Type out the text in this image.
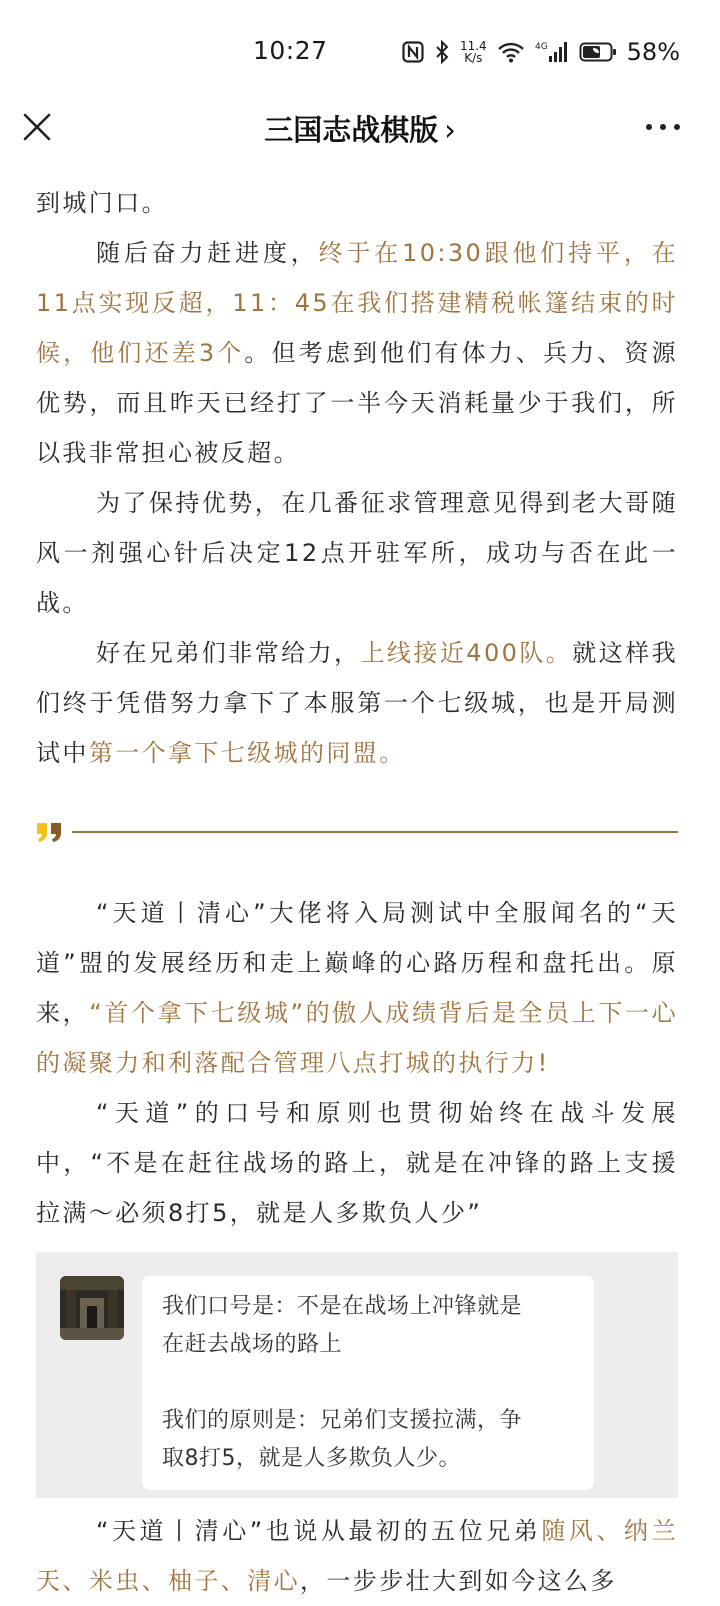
10:27	11.4
K/s
4G	58%
三国志战棋版 ›

到城门口。

随后奋力赶进度，终于在10:30跟他们持平，在11点实现反超，11：45在我们搭建精税帐篷结束的时候，他们还差3个。但考虑到他们有体力、兵力、资源优势，而且昨天已经打了一半今天消耗量少于我们，所以我非常担心被反超。

为了保持优势，在几番征求管理意见得到老大哥随风一剂强心针后决定12点开驻军所，成功与否在此一战。

好在兄弟们非常给力，上线接近400队。就这样我们终于凭借努力拿下了本服第一个七级城，也是开局测试中第一个拿下七级城的同盟。

“天道丨清心”大佬将入局测试中全服闻名的“天道”盟的发展经历和走上巅峰的心路历程和盘托出。原来，“首个拿下七级城”的傲人成绩背后是全员上下一心的凝聚力和利落配合管理八点打城的执行力!

“天道”的口号和原则也贯彻始终在战斗发展中，“不是在赶往战场的路上，就是在冲锋的路上支援拉满～必须8打5，就是人多欺负人少”

我们口号是：不是在战场上冲锋就是

在赶去战场的路上

我们的原则是：兄弟们支援拉满，争

取8打5，就是人多欺负人少。

“天道丨清心”也说从最初的五位兄弟随风、纳兰天、米虫、柚子、清心，一步步壮大到如今这么多
